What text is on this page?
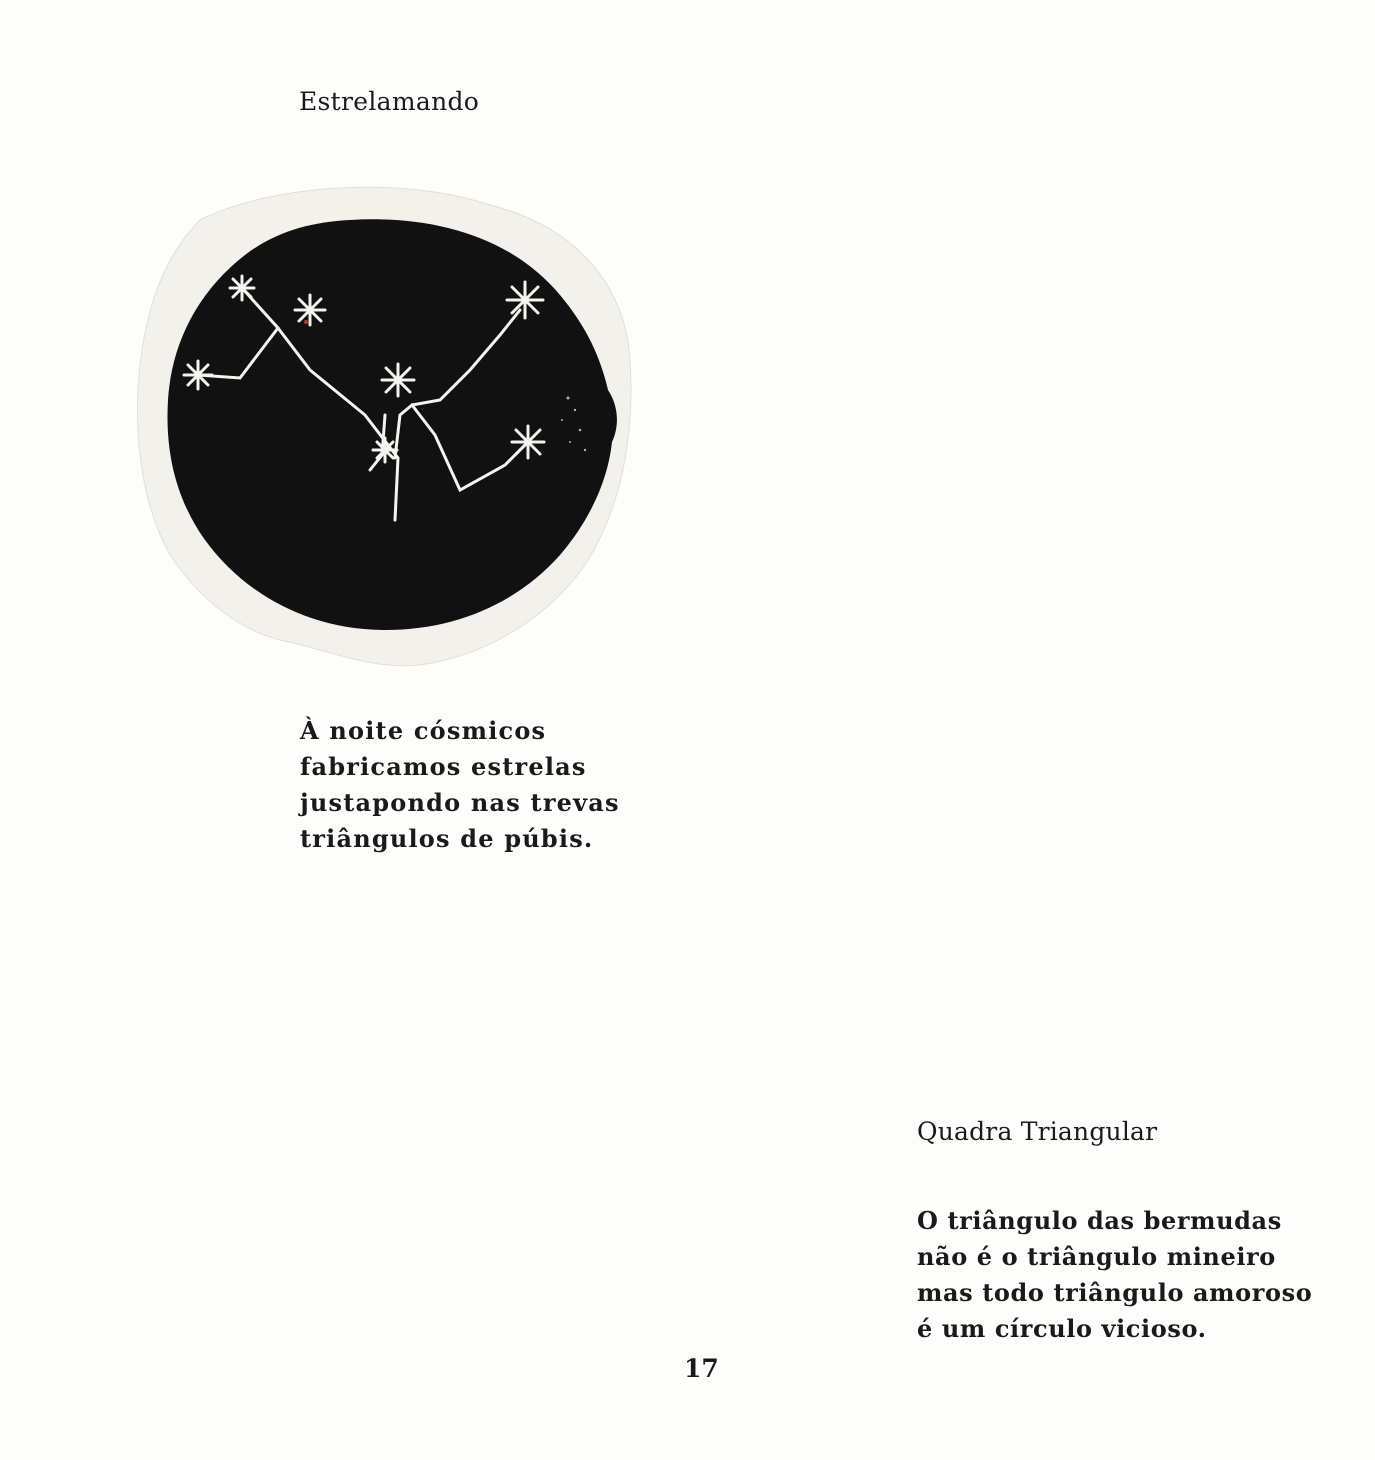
Estrelamando

À noite cósmicos
fabricamos estrelas
justapondo nas trevas
triângulos de púbis.

Quadra Triangular

O triângulo das bermudas
não é o triângulo mineiro
mas todo triângulo amoroso
é um círculo vicioso.

17
